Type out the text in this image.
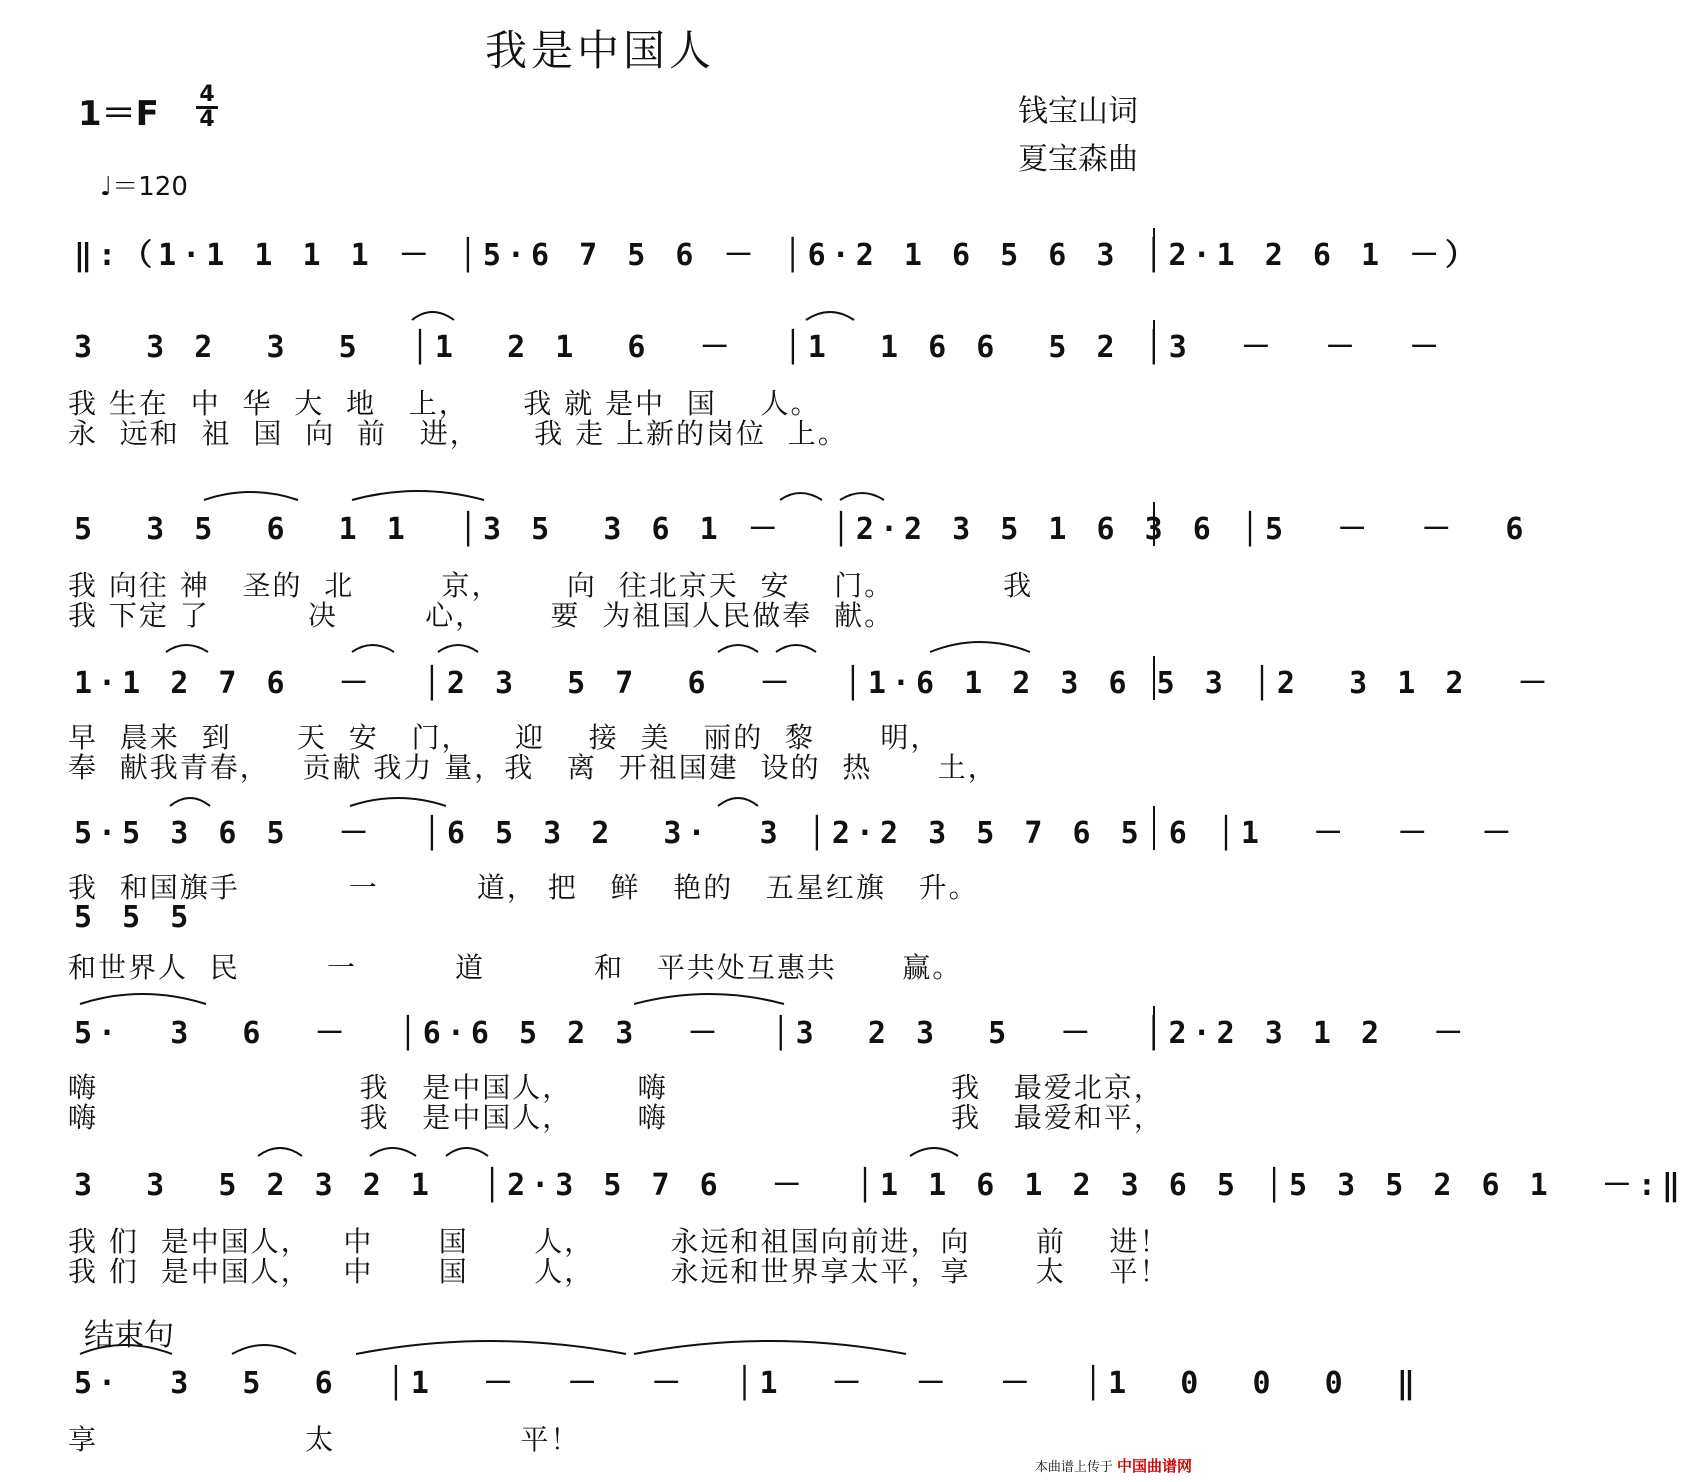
我是中国人
1＝F 4
4
♩＝120
钱宝山词
夏宝森曲
‖:（1·1 1 1 1 － │5·6 7 5 6 － │6·2 1 6 5 6 3 │2·1 2 6 1 －）
3  3 2  3  5  │1  2 1  6  －  │1  1 6 6  5 2 │3  －  －  －
我 生在  中  华  大  地   上，     我 就 是中  国    人。
永  远和  祖  国  向  前   进，     我 走 上新的岗位  上。
5  3 5  6  1 1  │3 5  3 6 1 －  │2·2 3 5 1 6 3 6 │5  －  －  6
我 向往 神   圣的  北        京，      向  往北京天  安    门。          我
我 下定 了         决        心，      要  为祖国人民做奉  献。
1·1 2 7 6  －  │2 3  5 7  6  －  │1·6 1 2 3 6 5 3 │2  3 1 2  －
早  晨来  到      天  安   门，    迎    接  美   丽的  黎      明，
奉  献我青春，   贡献 我力 量，我   离  开祖国建  设的  热      土，
5·5 3 6 5  －  │6 5 3 2  3·  3 │2·2 3 5 7 6 5 6 │1  －  －  －
我  和国旗手          一         道， 把   鲜   艳的   五星红旗   升。
5 5 5
和世界人  民        一         道          和   平共处互惠共      赢。
5·  3  6  －  │6·6 5 2 3  －  │3  2 3  5  －  │2·2 3 1 2  －
嗨                        我   是中国人，      嗨                          我   最爱北京，
嗨                        我   是中国人，      嗨                          我   最爱和平，
3  3  5 2 3 2 1  │2·3 5 7 6  －  │1 1 6 1 2 3 6 5 │5 3 5 2 6 1  －:‖
我 们  是中国人，   中      国      人，       永远和祖国向前进，向      前    进！
我 们  是中国人，   中      国      人，       永远和世界享太平，享      太    平！
结束句
5·  3  5  6  │1  －  －  －  │1  －  －  －  │1  0  0  0  ‖
享                   太                 平！
本曲谱上传于 中国曲谱网
